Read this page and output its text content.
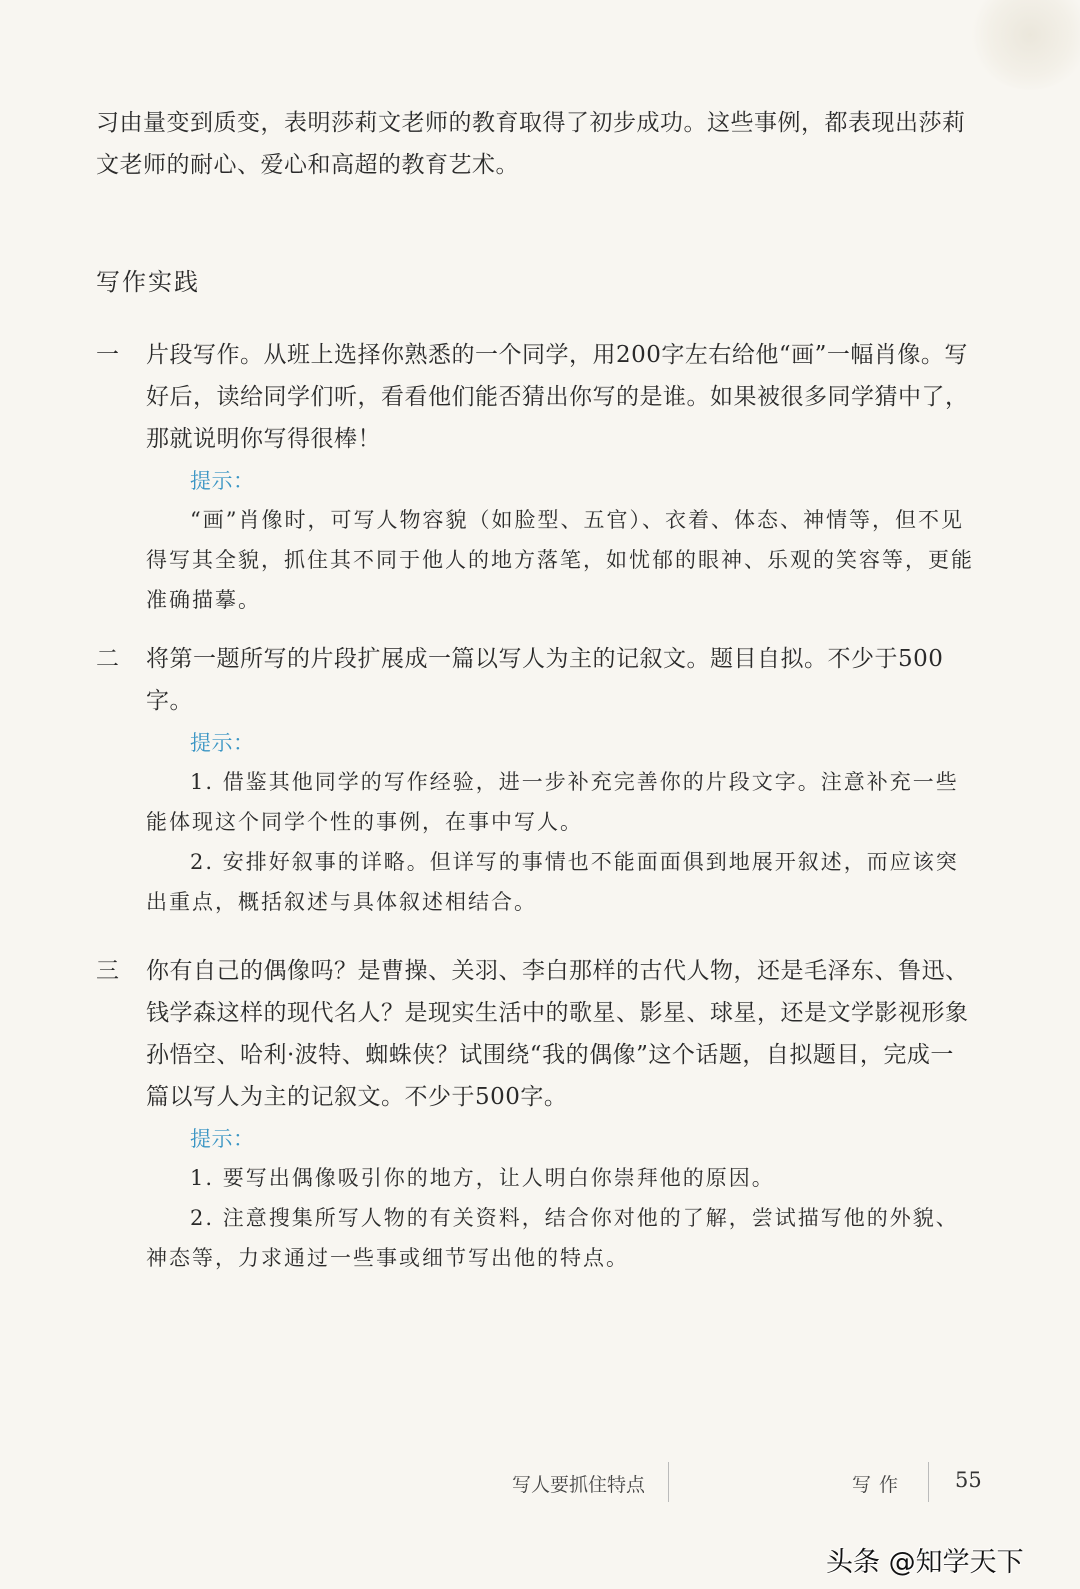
习由量变到质变，表明莎莉文老师的教育取得了初步成功。这些事例，都表现出莎莉文老师的耐心、爱心和高超的教育艺术。

写作实践
一	片段写作。从班上选择你熟悉的一个同学，用200字左右给他“画”一幅肖像。写好后，读给同学们听，看看他们能否猜出你写的是谁。如果被很多同学猜中了，那就说明你写得很棒！
提示：
“画”肖像时，可写人物容貌（如脸型、五官）、衣着、体态、神情等，但不见得写其全貌，抓住其不同于他人的地方落笔，如忧郁的眼神、乐观的笑容等，更能准确描摹。
二	将第一题所写的片段扩展成一篇以写人为主的记叙文。题目自拟。不少于500字。
提示：
1. 借鉴其他同学的写作经验，进一步补充完善你的片段文字。注意补充一些能体现这个同学个性的事例，在事中写人。
2. 安排好叙事的详略。但详写的事情也不能面面俱到地展开叙述，而应该突出重点，概括叙述与具体叙述相结合。
三	你有自己的偶像吗？是曹操、关羽、李白那样的古代人物，还是毛泽东、鲁迅、钱学森这样的现代名人？是现实生活中的歌星、影星、球星，还是文学影视形象孙悟空、哈利·波特、蜘蛛侠？试围绕“我的偶像”这个话题，自拟题目，完成一篇以写人为主的记叙文。不少于500字。
提示：
1. 要写出偶像吸引你的地方，让人明白你崇拜他的原因。
2. 注意搜集所写人物的有关资料，结合你对他的了解，尝试描写他的外貌、神态等，力求通过一些事或细节写出他的特点。
写人要抓住特点	写作 55
头条 @知学天下
